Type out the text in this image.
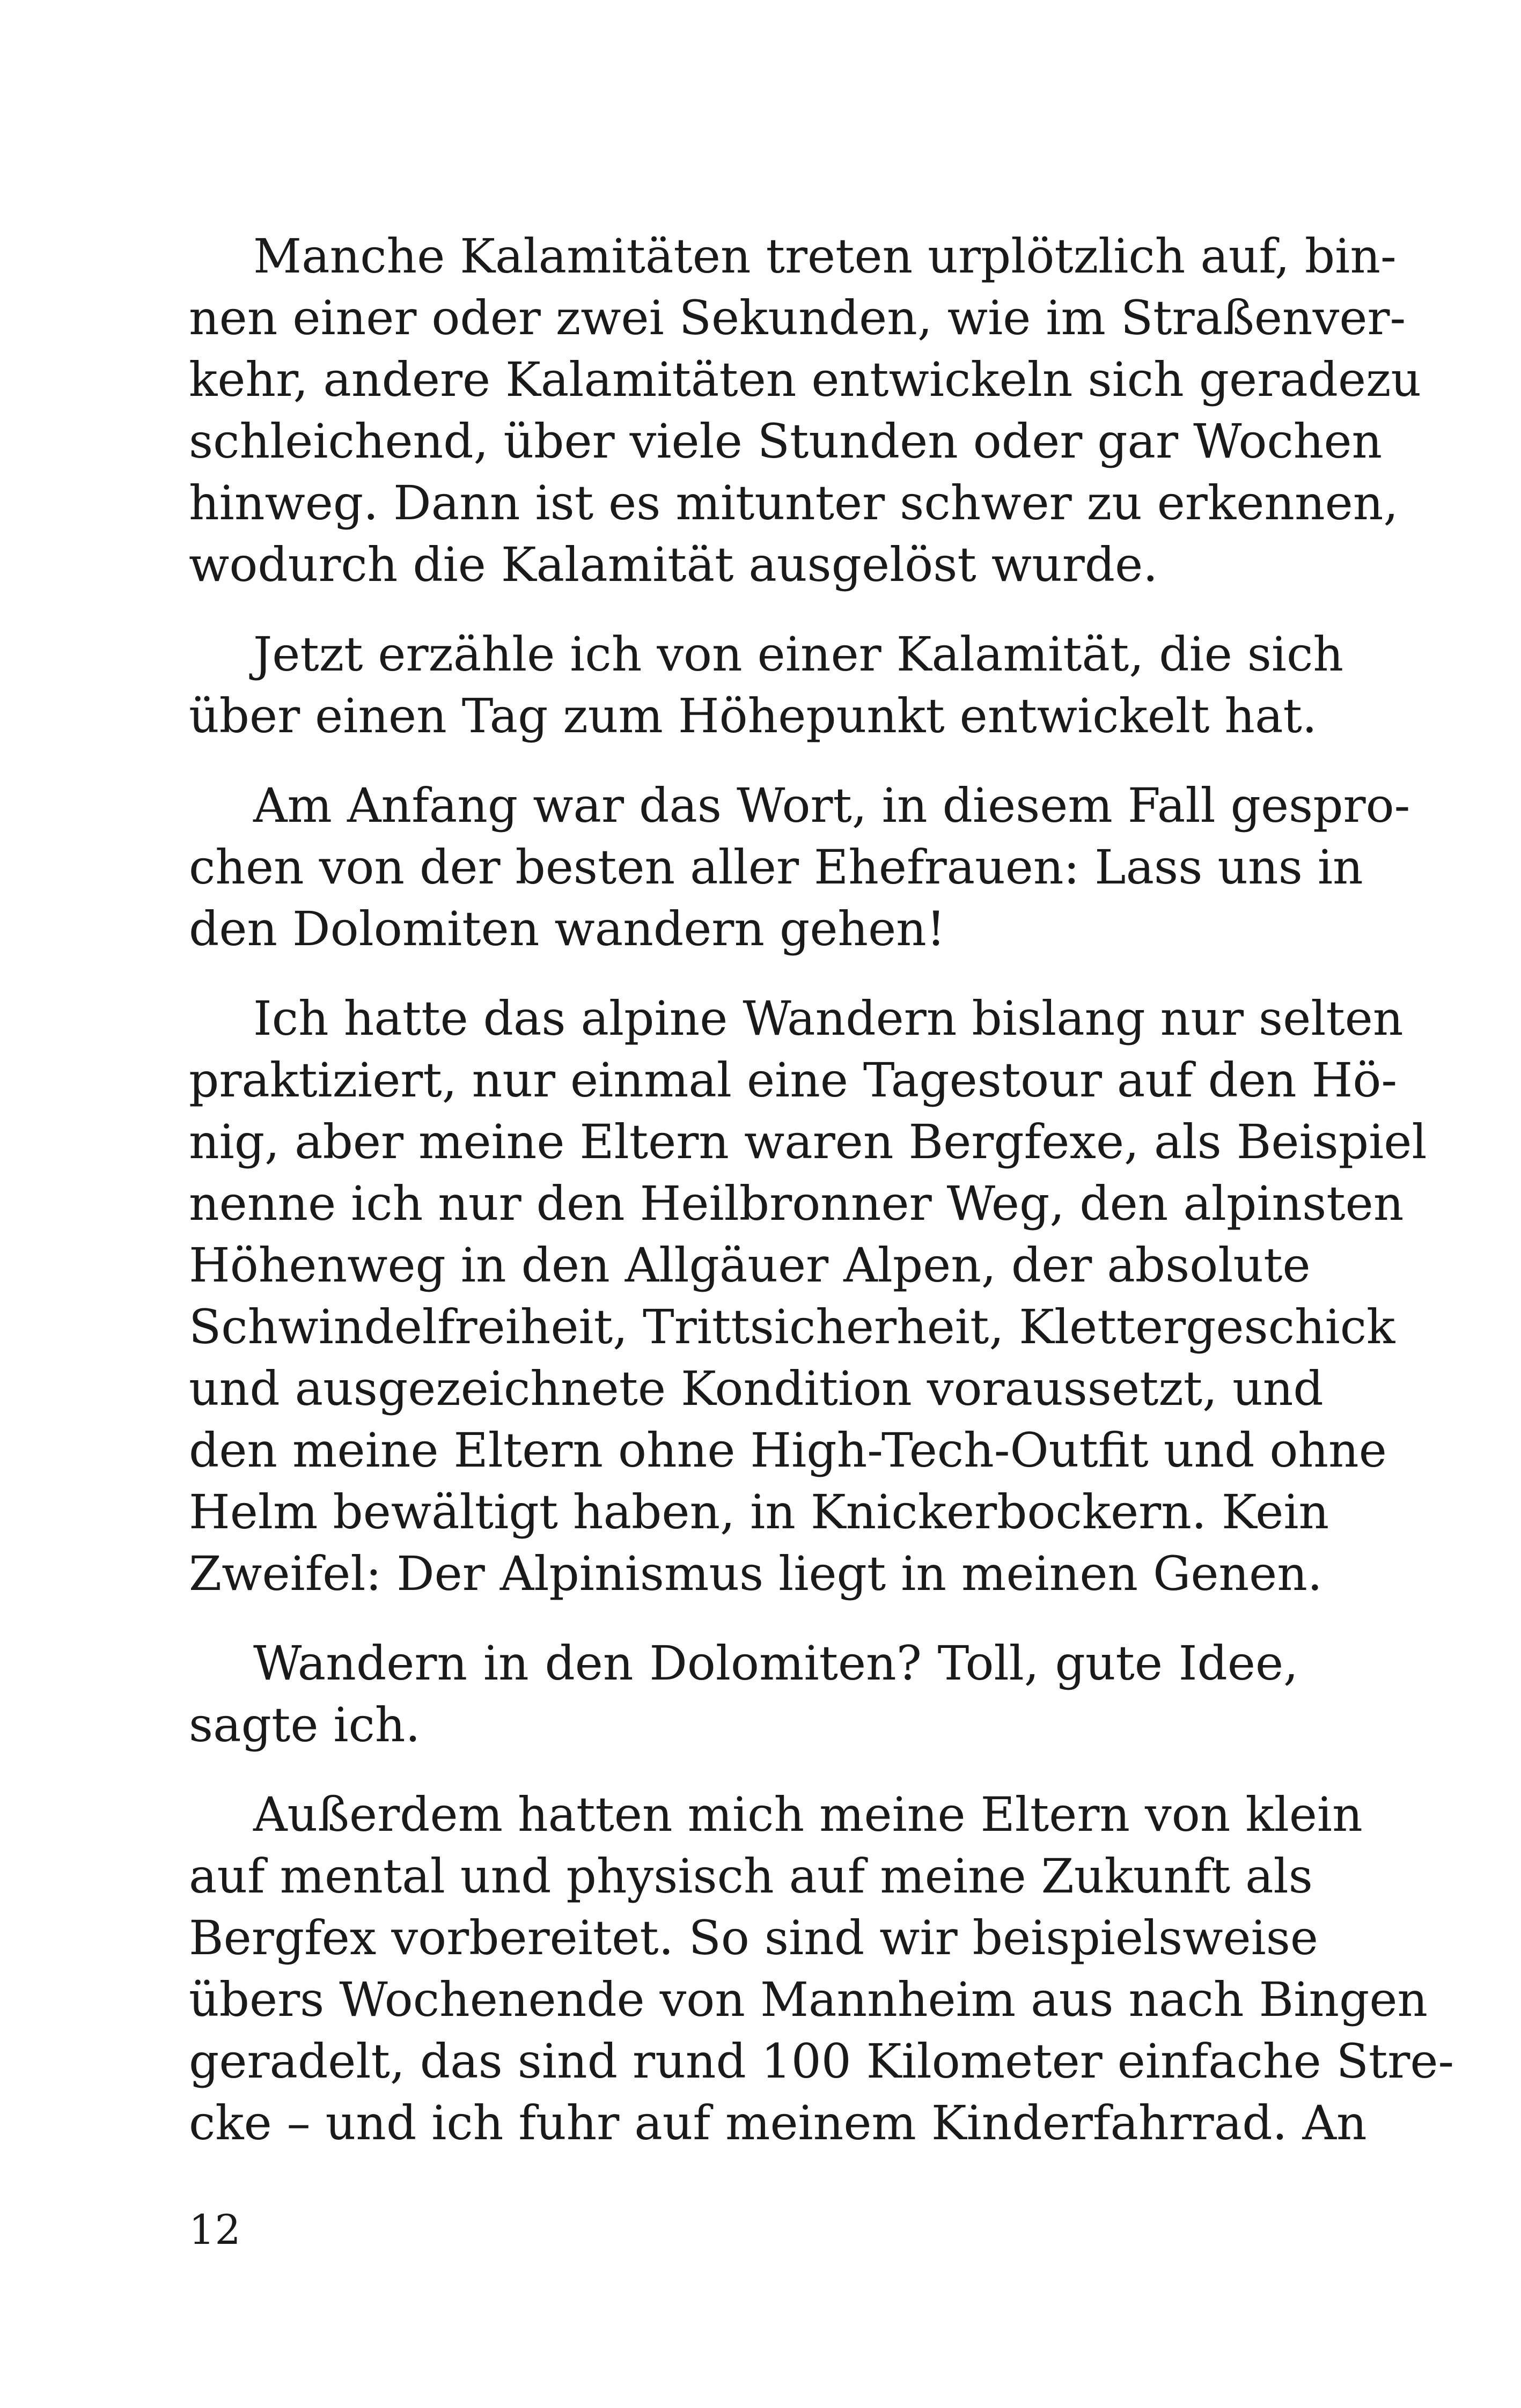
Manche Kalamitäten treten urplötzlich auf, bin-
nen einer oder zwei Sekunden, wie im Straßenver-
kehr, andere Kalamitäten entwickeln sich geradezu
schleichend, über viele Stunden oder gar Wochen
hinweg. Dann ist es mitunter schwer zu erkennen,
wodurch die Kalamität ausgelöst wurde.
Jetzt erzähle ich von einer Kalamität, die sich
über einen Tag zum Höhepunkt entwickelt hat.
Am Anfang war das Wort, in diesem Fall gespro-
chen von der besten aller Ehefrauen: Lass uns in
den Dolomiten wandern gehen!
Ich hatte das alpine Wandern bislang nur selten
praktiziert, nur einmal eine Tagestour auf den Hö-
nig, aber meine Eltern waren Bergfexe, als Beispiel
nenne ich nur den Heilbronner Weg, den alpinsten
Höhenweg in den Allgäuer Alpen, der absolute
Schwindelfreiheit, Trittsicherheit, Klettergeschick
und ausgezeichnete Kondition voraussetzt, und
den meine Eltern ohne High-Tech-Outfit und ohne
Helm bewältigt haben, in Knickerbockern. Kein
Zweifel: Der Alpinismus liegt in meinen Genen.
Wandern in den Dolomiten? Toll, gute Idee,
sagte ich.
Außerdem hatten mich meine Eltern von klein
auf mental und physisch auf meine Zukunft als
Bergfex vorbereitet. So sind wir beispielsweise
übers Wochenende von Mannheim aus nach Bingen
geradelt, das sind rund 100 Kilometer einfache Stre-
cke – und ich fuhr auf meinem Kinderfahrrad. An
12
